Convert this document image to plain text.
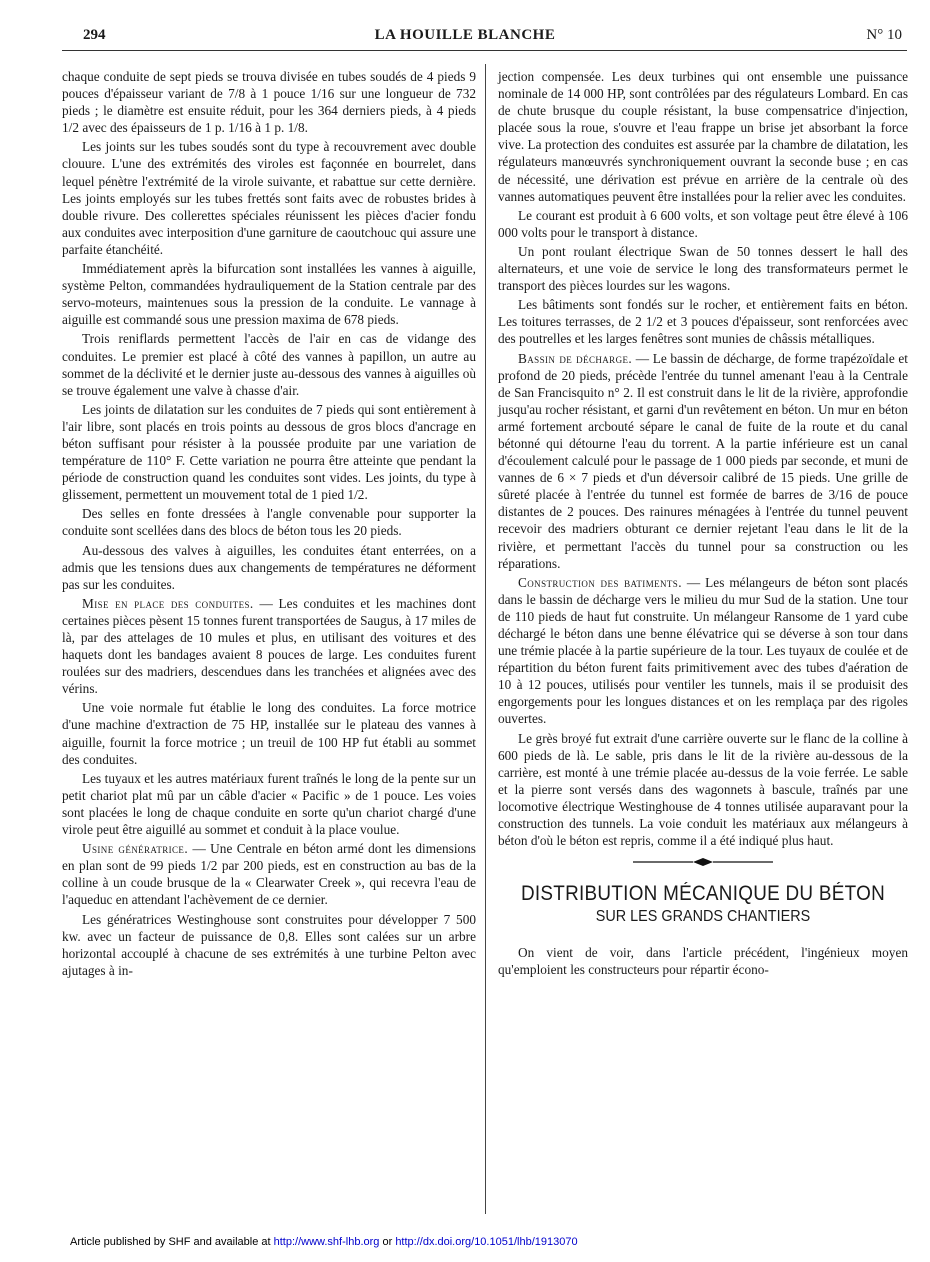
294	LA HOUILLE BLANCHE	N° 10

chaque conduite de sept pieds se trouva divisée en tubes soudés de 4 pieds 9 pouces d'épaisseur variant de 7/8 à 1 pouce 1/16 sur une longueur de 732 pieds ; le diamètre est ensuite réduit, pour les 364 derniers pieds, à 4 pieds 1/2 avec des épaisseurs de 1 p. 1/16 à 1 p. 1/8.

Les joints sur les tubes soudés sont du type à recouvrement avec double clouure. L'une des extrémités des viroles est façonnée en bourrelet, dans lequel pénètre l'extrémité de la virole suivante, et rabattue sur cette dernière. Les joints employés sur les tubes frettés sont faits avec de robustes brides à double rivure. Des collerettes spéciales réunissent les pièces d'acier fondu aux conduites avec interposition d'une garniture de caoutchouc qui assure une parfaite étanchéité.

Immédiatement après la bifurcation sont installées les vannes à aiguille, système Pelton, commandées hydrauliquement de la Station centrale par des servo-moteurs, maintenues sous la pression de la conduite. Le vannage à aiguille est commandé sous une pression maxima de 678 pieds.

Trois reniflards permettent l'accès de l'air en cas de vidange des conduites. Le premier est placé à côté des vannes à papillon, un autre au sommet de la déclivité et le dernier juste au-dessous des vannes à aiguilles où se trouve également une valve à chasse d'air.

Les joints de dilatation sur les conduites de 7 pieds qui sont entièrement à l'air libre, sont placés en trois points au dessous de gros blocs d'ancrage en béton suffisant pour résister à la poussée produite par une variation de température de 110° F. Cette variation ne pourra être atteinte que pendant la période de construction quand les conduites sont vides. Les joints, du type à glissement, permettent un mouvement total de 1 pied 1/2.

Des selles en fonte dressées à l'angle convenable pour supporter la conduite sont scellées dans des blocs de béton tous les 20 pieds.

Au-dessous des valves à aiguilles, les conduites étant enterrées, on a admis que les tensions dues aux changements de températures ne déforment pas sur les conduites.

Mise en place des conduites. — Les conduites et les machines dont certaines pièces pèsent 15 tonnes furent transportées de Saugus, à 17 miles de là, par des attelages de 10 mules et plus, en utilisant des voitures et des haquets dont les bandages avaient 8 pouces de large. Les conduites furent roulées sur des madriers, descendues dans les tranchées et alignées avec des vérins.

Une voie normale fut établie le long des conduites. La force motrice d'une machine d'extraction de 75 HP, installée sur le plateau des vannes à aiguille, fournit la force motrice ; un treuil de 100 HP fut établi au sommet des conduites.

Les tuyaux et les autres matériaux furent traînés le long de la pente sur un petit chariot plat mû par un câble d'acier « Pacific » de 1 pouce. Les voies sont placées le long de chaque conduite en sorte qu'un chariot chargé d'une virole peut être aiguillé au sommet et conduit à la place voulue.

Usine génératrice. — Une Centrale en béton armé dont les dimensions en plan sont de 99 pieds 1/2 par 200 pieds, est en construction au bas de la colline à un coude brusque de la « Clearwater Creek », qui recevra l'eau de l'aqueduc en attendant l'achèvement de ce dernier.

Les génératrices Westinghouse sont construites pour développer 7 500 kw. avec un facteur de puissance de 0,8. Elles sont calées sur un arbre horizontal accouplé à chacune de ses extrémités à une turbine Pelton avec ajutages à in-

jection compensée. Les deux turbines qui ont ensemble une puissance nominale de 14 000 HP, sont contrôlées par des régulateurs Lombard. En cas de chute brusque du couple résistant, la buse compensatrice d'injection, placée sous la roue, s'ouvre et l'eau frappe un brise jet absorbant la force vive. La protection des conduites est assurée par la chambre de dilatation, les régulateurs manœuvrés synchroniquement ouvrant la seconde buse ; en cas de nécessité, une dérivation est prévue en arrière de la centrale où des vannes automatiques peuvent être installées pour la relier avec les conduites.

Le courant est produit à 6 600 volts, et son voltage peut être élevé à 106 000 volts pour le transport à distance.

Un pont roulant électrique Swan de 50 tonnes dessert le hall des alternateurs, et une voie de service le long des transformateurs permet le transport des pièces lourdes sur les wagons.

Les bâtiments sont fondés sur le rocher, et entièrement faits en béton. Les toitures terrasses, de 2 1/2 et 3 pouces d'épaisseur, sont renforcées avec des poutrelles et les larges fenêtres sont munies de châssis métalliques.

Bassin de décharge. — Le bassin de décharge, de forme trapézoïdale et profond de 20 pieds, précède l'entrée du tunnel amenant l'eau à la Centrale de San Francisquito n° 2. Il est construit dans le lit de la rivière, approfondie jusqu'au rocher résistant, et garni d'un revêtement en béton. Un mur en béton armé fortement arcbouté sépare le canal de fuite de la route et du canal bétonné qui détourne l'eau du torrent. A la partie inférieure est un canal d'écoulement calculé pour le passage de 1 000 pieds par seconde, et muni de vannes de 6 × 7 pieds et d'un déversoir calibré de 15 pieds. Une grille de sûreté placée à l'entrée du tunnel est formée de barres de 3/16 de pouce distantes de 2 pouces. Des rainures ménagées à l'entrée du tunnel peuvent recevoir des madriers obturant ce dernier rejetant l'eau dans le lit de la rivière, et permettant l'accès du tunnel pour sa construction ou les réparations.

Construction des batiments. — Les mélangeurs de béton sont placés dans le bassin de décharge vers le milieu du mur Sud de la station. Une tour de 110 pieds de haut fut construite. Un mélangeur Ransome de 1 yard cube déchargé le béton dans une benne élévatrice qui se déverse à son tour dans une trémie placée à la partie supérieure de la tour. Les tuyaux de coulée et de répartition du béton furent faits primitivement avec des tubes d'aération de 10 à 12 pouces, utilisés pour ventiler les tunnels, mais il se produisit des engorgements pour les longues distances et on les remplaça par des rigoles ouvertes.

Le grès broyé fut extrait d'une carrière ouverte sur le flanc de la colline à 600 pieds de là. Le sable, pris dans le lit de la rivière au-dessous de la carrière, est monté à une trémie placée au-dessus de la voie ferrée. Le sable et la pierre sont versés dans des wagonnets à bascule, traînés par une locomotive électrique Westinghouse de 4 tonnes utilisée auparavant pour la construction des tunnels. La voie conduit les matériaux aux mélangeurs à béton d'où le béton est repris, comme il a été indiqué plus haut.

DISTRIBUTION MÉCANIQUE DU BÉTON
SUR LES GRANDS CHANTIERS

On vient de voir, dans l'article précédent, l'ingénieux moyen qu'emploient les constructeurs pour répartir écono-

Article published by SHF and available at http://www.shf-lhb.org or http://dx.doi.org/10.1051/lhb/1913070
